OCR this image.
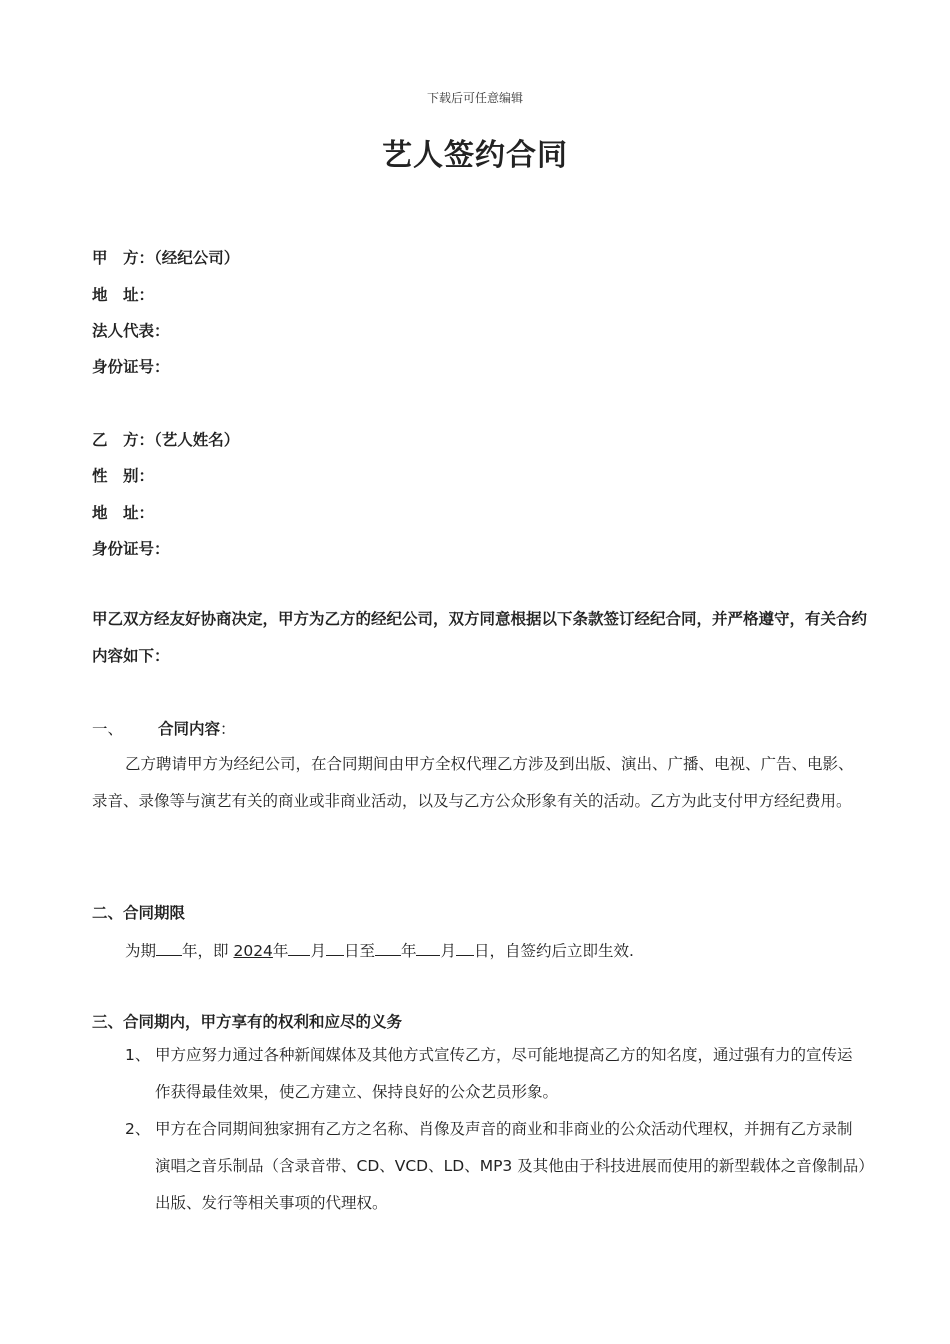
下载后可任意编辑
艺人签约合同
甲　方：（经纪公司）
地　址：
法人代表：
身份证号：
乙　方：（艺人姓名）
性　别：
地　址：
身份证号：
甲乙双方经友好协商决定，甲方为乙方的经纪公司，双方同意根据以下条款签订经纪合同，并严格遵守，有关合约内容如下：
一、 合同内容：
乙方聘请甲方为经纪公司，在合同期间由甲方全权代理乙方涉及到出版、演出、广播、电视、广告、电影、录音、录像等与演艺有关的商业或非商业活动，以及与乙方公众形象有关的活动。乙方为此支付甲方经纪费用。
二、合同期限
为期 年，即 2024年 月 日至 年 月 日，自签约后立即生效.
三、合同期内，甲方享有的权利和应尽的义务
1、 甲方应努力通过各种新闻媒体及其他方式宣传乙方，尽可能地提高乙方的知名度，通过强有力的宣传运作获得最佳效果，使乙方建立、保持良好的公众艺员形象。
2、 甲方在合同期间独家拥有乙方之名称、肖像及声音的商业和非商业的公众活动代理权，并拥有乙方录制演唱之音乐制品（含录音带、CD、VCD、LD、MP3 及其他由于科技进展而使用的新型载体之音像制品）出版、发行等相关事项的代理权。
